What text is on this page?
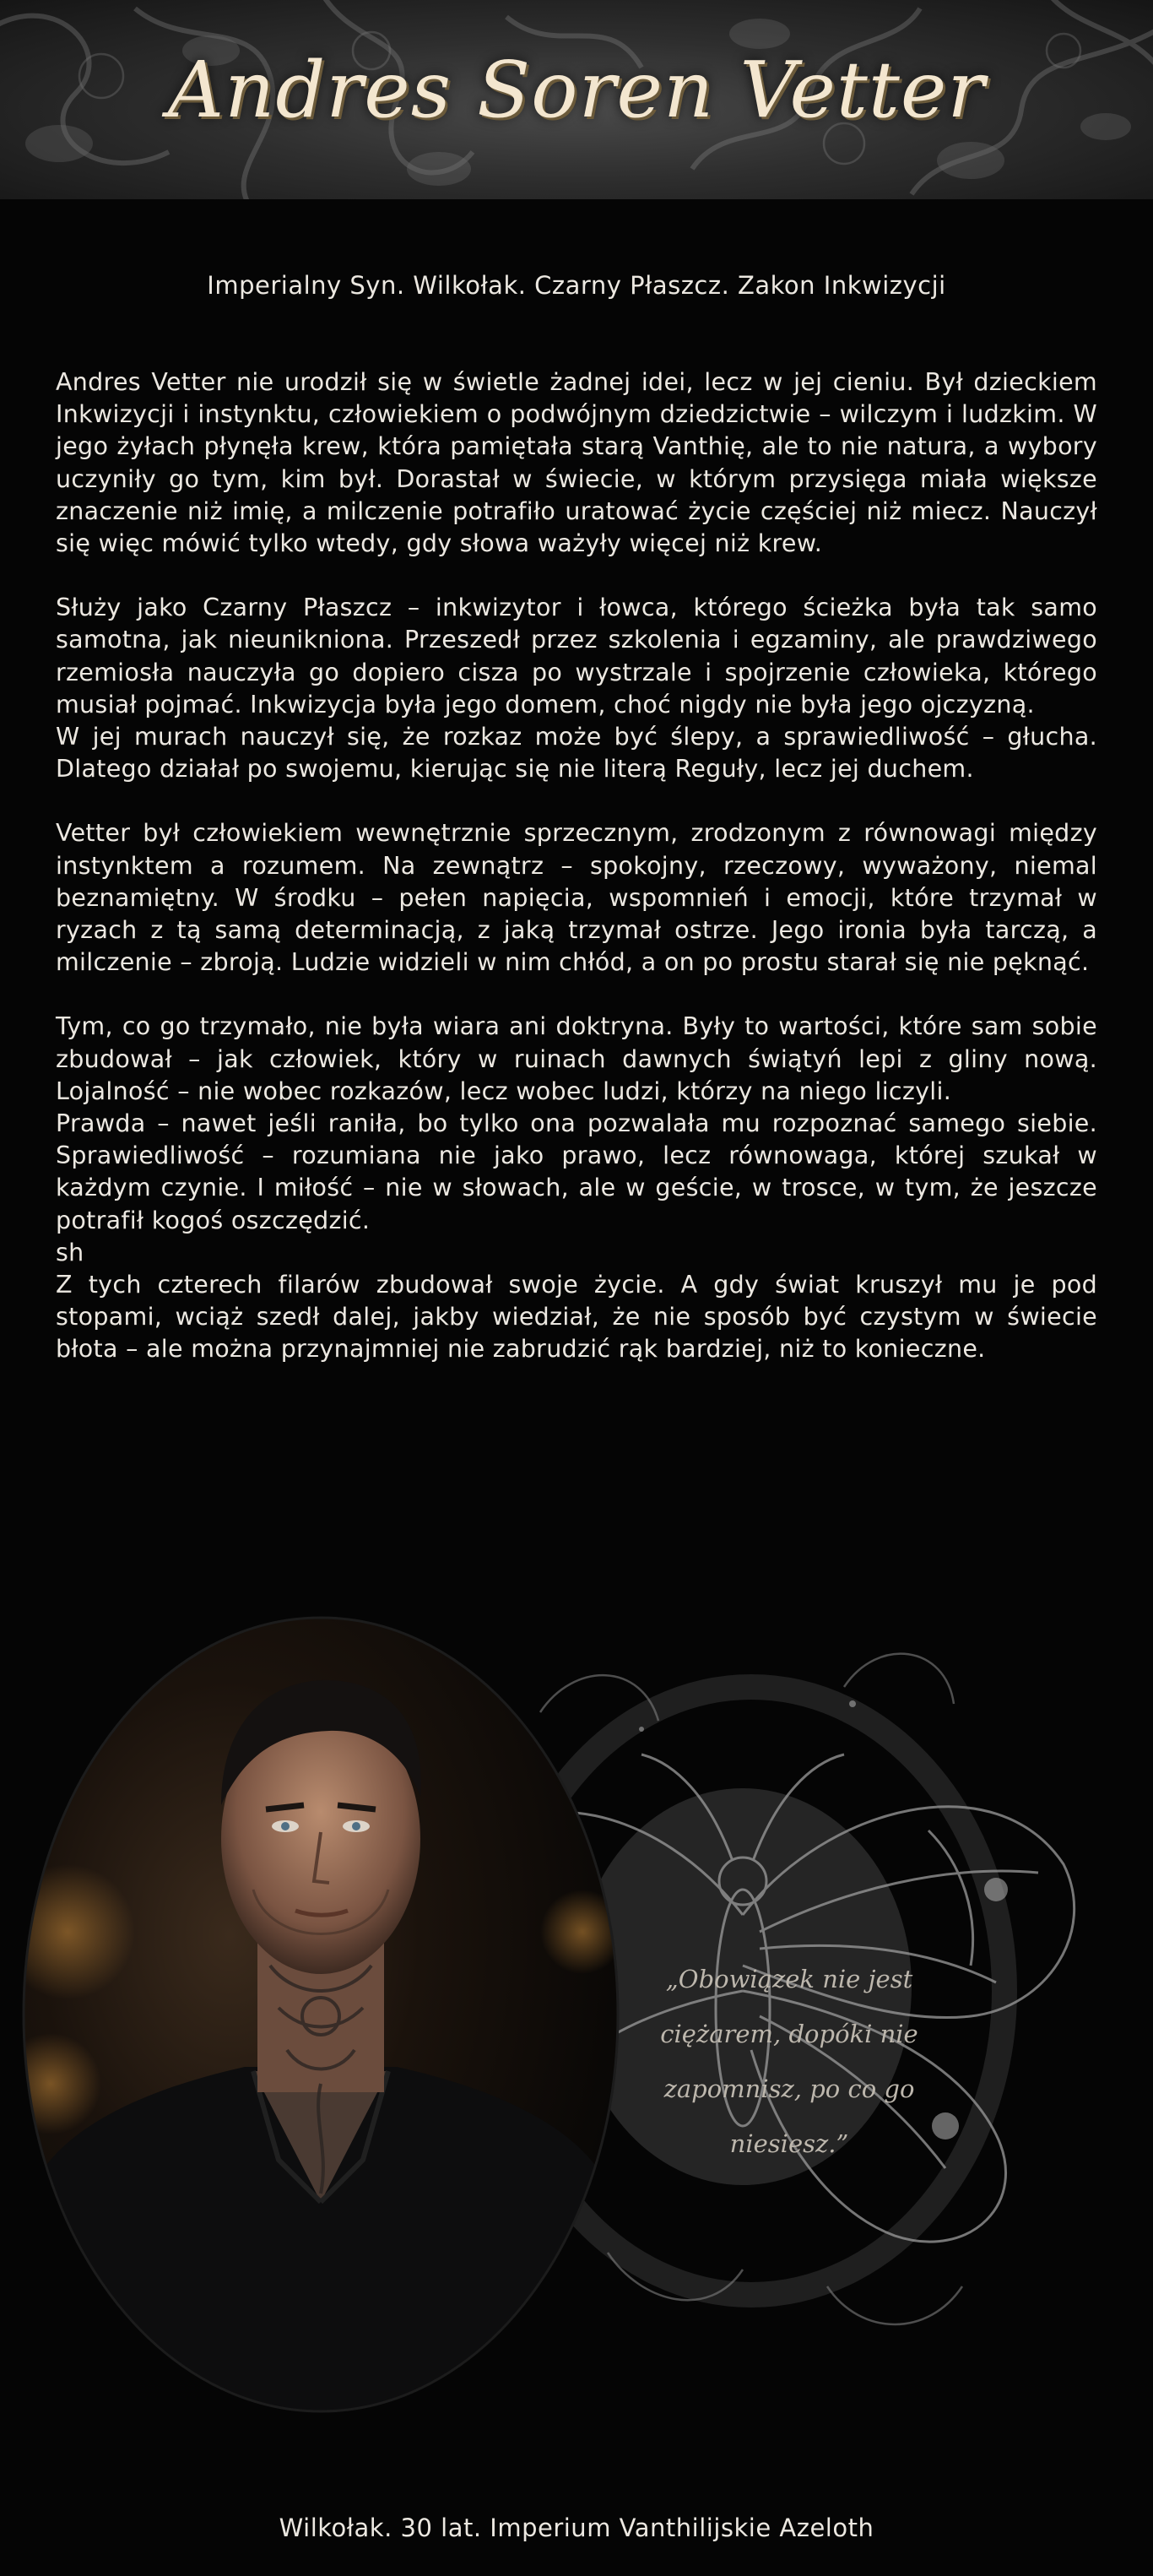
Andres Soren Vetter
Imperialny Syn. Wilkołak. Czarny Płaszcz. Zakon Inkwizycji

Andres Vetter nie urodził się w świetle żadnej idei, lecz w jej cieniu. Był dzieckiem Inkwizycji i instynktu, człowiekiem o podwójnym dziedzictwie – wilczym i ludzkim. W jego żyłach płynęła krew, która pamiętała starą Vanthię, ale to nie natura, a wybory uczyniły go tym, kim był. Dorastał w świecie, w którym przysięga miała większe znaczenie niż imię, a milczenie potrafiło uratować życie częściej niż miecz. Nauczył się więc mówić tylko wtedy, gdy słowa ważyły więcej niż krew.

Służy jako Czarny Płaszcz – inkwizytor i łowca, którego ścieżka była tak samo samotna, jak nieunikniona. Przeszedł przez szkolenia i egzaminy, ale prawdziwego rzemiosła nauczyła go dopiero cisza po wystrzale i spojrzenie człowieka, którego musiał pojmać. Inkwizycja była jego domem, choć nigdy nie była jego ojczyzną.

W jej murach nauczył się, że rozkaz może być ślepy, a sprawiedliwość – głucha. Dlatego działał po swojemu, kierując się nie literą Reguły, lecz jej duchem.

Vetter był człowiekiem wewnętrznie sprzecznym, zrodzonym z równowagi między instynktem a rozumem. Na zewnątrz – spokojny, rzeczowy, wyważony, niemal beznamiętny. W środku – pełen napięcia, wspomnień i emocji, które trzymał w ryzach z tą samą determinacją, z jaką trzymał ostrze. Jego ironia była tarczą, a milczenie – zbroją. Ludzie widzieli w nim chłód, a on po prostu starał się nie pęknąć.

Tym, co go trzymało, nie była wiara ani doktryna. Były to wartości, które sam sobie zbudował – jak człowiek, który w ruinach dawnych świątyń lepi z gliny nową. Lojalność – nie wobec rozkazów, lecz wobec ludzi, którzy na niego liczyli.

Prawda – nawet jeśli raniła, bo tylko ona pozwalała mu rozpoznać samego siebie. Sprawiedliwość – rozumiana nie jako prawo, lecz równowaga, której szukał w każdym czynie. I miłość – nie w słowach, ale w geście, w trosce, w tym, że jeszcze potrafił kogoś oszczędzić.

sh

Z tych czterech filarów zbudował swoje życie. A gdy świat kruszył mu je pod stopami, wciąż szedł dalej, jakby wiedział, że nie sposób być czystym w świecie błota – ale można przynajmniej nie zabrudzić rąk bardziej, niż to konieczne.

„Obowiązek nie jest ciężarem, dopóki nie zapomnisz, po co go niesiesz.”
Wilkołak. 30 lat. Imperium Vanthilijskie Azeloth
